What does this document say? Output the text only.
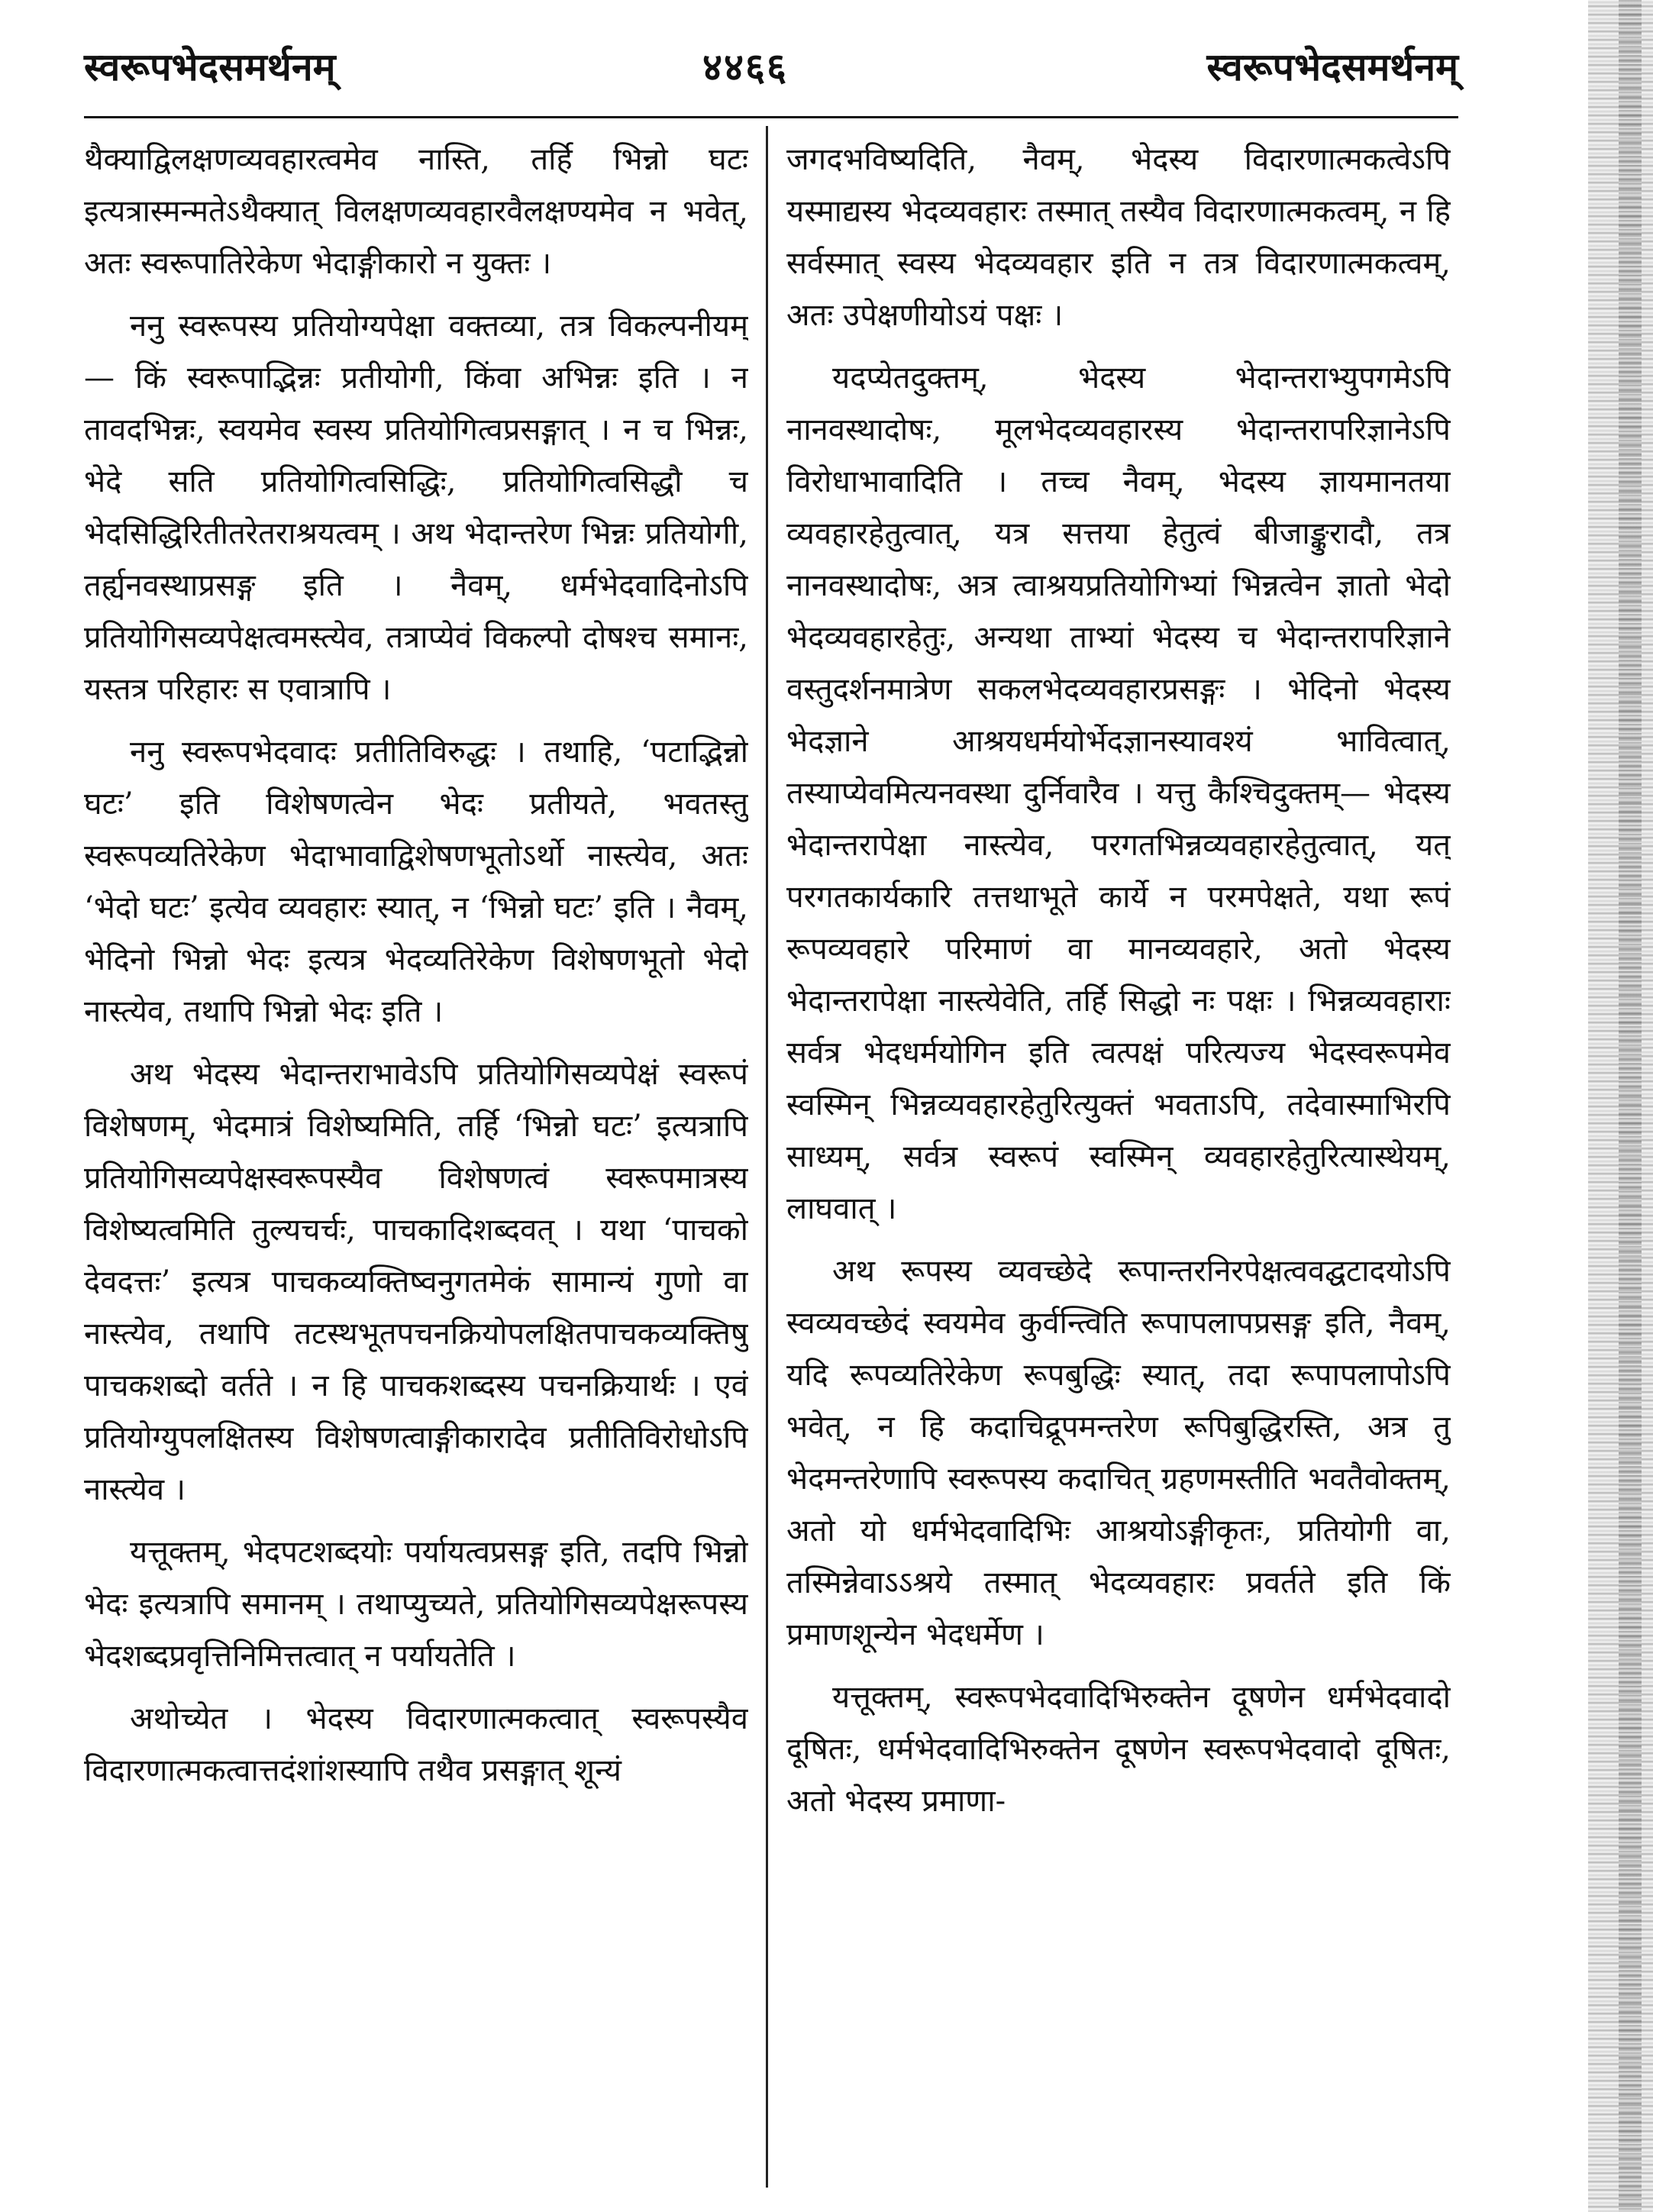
स्वरूपभेदसमर्थनम्	४४६६	स्वरूपभेदसमर्थनम्

थैक्याद्विलक्षणव्यवहारत्वमेव नास्ति, तर्हि भिन्नो घटः इत्यत्रास्मन्मतेऽथैक्यात् विलक्षणव्यवहारवैलक्षण्यमेव न भवेत्, अतः स्वरूपातिरेकेण भेदाङ्गीकारो न युक्तः ।

ननु स्वरूपस्य प्रतियोग्यपेक्षा वक्तव्या, तत्र विकल्पनीयम्— किं स्वरूपाद्भिन्नः प्रतीयोगी, किंवा अभिन्नः इति । न तावदभिन्नः, स्वयमेव स्वस्य प्रतियोगित्वप्रसङ्गात् । न च भिन्नः, भेदे सति प्रतियोगित्वसिद्धिः, प्रतियोगित्वसिद्धौ च भेदसिद्धिरितीतरेतराश्रयत्वम् । अथ भेदान्तरेण भिन्नः प्रतियोगी, तर्ह्यनवस्थाप्रसङ्ग इति । नैवम्, धर्मभेदवादिनोऽपि प्रतियोगिसव्यपेक्षत्वमस्त्येव, तत्राप्येवं विकल्पो दोषश्च समानः, यस्तत्र परिहारः स एवात्रापि ।

ननु स्वरूपभेदवादः प्रतीतिविरुद्धः । तथाहि, ‘पटाद्भिन्नो घटः’ इति विशेषणत्वेन भेदः प्रतीयते, भवतस्तु स्वरूपव्यतिरेकेण भेदाभावाद्विशेषणभूतोऽर्थो नास्त्येव, अतः ‘भेदो घटः’ इत्येव व्यवहारः स्यात्, न ‘भिन्नो घटः’ इति । नैवम्, भेदिनो भिन्नो भेदः इत्यत्र भेदव्यतिरेकेण विशेषणभूतो भेदो नास्त्येव, तथापि भिन्नो भेदः इति ।

अथ भेदस्य भेदान्तराभावेऽपि प्रतियोगिसव्यपेक्षं स्वरूपं विशेषणम्, भेदमात्रं विशेष्यमिति, तर्हि ‘भिन्नो घटः’ इत्यत्रापि प्रतियोगिसव्यपेक्षस्वरूपस्यैव विशेषणत्वं स्वरूपमात्रस्य विशेष्यत्वमिति तुल्यचर्चः, पाचकादिशब्दवत् । यथा ‘पाचको देवदत्तः’ इत्यत्र पाचकव्यक्तिष्वनुगतमेकं सामान्यं गुणो वा नास्त्येव, तथापि तटस्थभूतपचनक्रियोपलक्षितपाचकव्यक्तिषु पाचकशब्दो वर्तते । न हि पाचकशब्दस्य पचनक्रियार्थः । एवं प्रतियोग्युपलक्षितस्य विशेषणत्वाङ्गीकारादेव प्रतीतिविरोधोऽपि नास्त्येव ।

यत्तूक्तम्, भेदपटशब्दयोः पर्यायत्वप्रसङ्ग इति, तदपि भिन्नो भेदः इत्यत्रापि समानम् । तथाप्युच्यते, प्रतियोगिसव्यपेक्षरूपस्य भेदशब्दप्रवृत्तिनिमित्तत्वात् न पर्यायतेति ।

अथोच्येत । भेदस्य विदारणात्मकत्वात् स्वरूपस्यैव विदारणात्मकत्वात्तदंशांशस्यापि तथैव प्रसङ्गात् शून्यं

जगदभविष्यदिति, नैवम्, भेदस्य विदारणात्मकत्वेऽपि यस्माद्यस्य भेदव्यवहारः तस्मात् तस्यैव विदारणात्मकत्वम्, न हि सर्वस्मात् स्वस्य भेदव्यवहार इति न तत्र विदारणात्मकत्वम्, अतः उपेक्षणीयोऽयं पक्षः ।

यदप्येतदुक्तम्, भेदस्य भेदान्तराभ्युपगमेऽपि नानवस्थादोषः, मूलभेदव्यवहारस्य भेदान्तरापरिज्ञानेऽपि विरोधाभावादिति । तच्च नैवम्, भेदस्य ज्ञायमानतया व्यवहारहेतुत्वात्, यत्र सत्तया हेतुत्वं बीजाङ्कुरादौ, तत्र नानवस्थादोषः, अत्र त्वाश्रयप्रतियोगिभ्यां भिन्नत्वेन ज्ञातो भेदो भेदव्यवहारहेतुः, अन्यथा ताभ्यां भेदस्य च भेदान्तरापरिज्ञाने वस्तुदर्शनमात्रेण सकलभेदव्यवहारप्रसङ्गः । भेदिनो भेदस्य भेदज्ञाने आश्रयधर्मयोर्भेदज्ञानस्यावश्यं भावित्वात्, तस्याप्येवमित्यनवस्था दुर्निवारैव । यत्तु कैश्चिदुक्तम्— भेदस्य भेदान्तरापेक्षा नास्त्येव, परगतभिन्नव्यवहारहेतुत्वात्, यत् परगतकार्यकारि तत्तथाभूते कार्ये न परमपेक्षते, यथा रूपं रूपव्यवहारे परिमाणं वा मानव्यवहारे, अतो भेदस्य भेदान्तरापेक्षा नास्त्येवेति, तर्हि सिद्धो नः पक्षः । भिन्नव्यवहाराः सर्वत्र भेदधर्मयोगिन इति त्वत्पक्षं परित्यज्य भेदस्वरूपमेव स्वस्मिन् भिन्नव्यवहारहेतुरित्युक्तं भवताऽपि, तदेवास्माभिरपि साध्यम्, सर्वत्र स्वरूपं स्वस्मिन् व्यवहारहेतुरित्यास्थेयम्, लाघवात् ।

अथ रूपस्य व्यवच्छेदे रूपान्तरनिरपेक्षत्ववद्घटादयोऽपि स्वव्यवच्छेदं स्वयमेव कुर्वन्त्विति रूपापलापप्रसङ्ग इति, नैवम्, यदि रूपव्यतिरेकेण रूपबुद्धिः स्यात्, तदा रूपापलापोऽपि भवेत्, न हि कदाचिद्रूपमन्तरेण रूपिबुद्धिरस्ति, अत्र तु भेदमन्तरेणापि स्वरूपस्य कदाचित् ग्रहणमस्तीति भवतैवोक्तम्, अतो यो धर्मभेदवादिभिः आश्रयोऽङ्गीकृतः, प्रतियोगी वा, तस्मिन्नेवाऽऽश्रये तस्मात् भेदव्यवहारः प्रवर्तते इति किं प्रमाणशून्येन भेदधर्मेण ।

यत्तूक्तम्, स्वरूपभेदवादिभिरुक्तेन दूषणेन धर्मभेदवादो दूषितः, धर्मभेदवादिभिरुक्तेन दूषणेन स्वरूपभेदवादो दूषितः, अतो भेदस्य प्रमाणा-
